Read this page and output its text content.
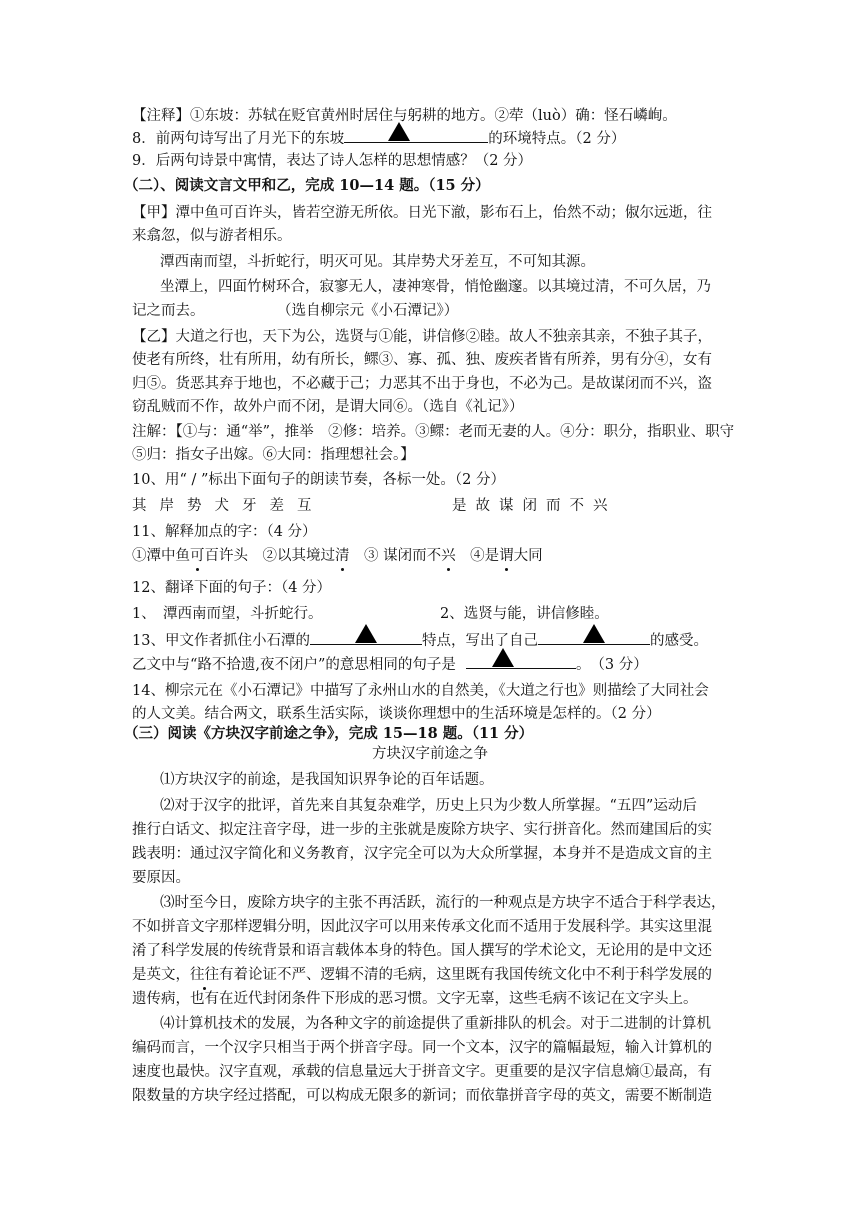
【注释】①东坡：苏轼在贬官黄州时居住与躬耕的地方。②荦（luò）确：怪石嶙峋。
8．前两句诗写出了月光下的东坡	的环境特点。（2 分）
9．后两句诗景中寓情，表达了诗人怎样的思想情感？（2 分）
（二）、阅读文言文甲和乙，完成 10—14 题。（15 分）
【甲】潭中鱼可百许头，皆若空游无所依。日光下澈，影布石上，佁然不动；俶尔远逝，往
来翕忽，似与游者相乐。
潭西南而望，斗折蛇行，明灭可见。其岸势犬牙差互，不可知其源。
坐潭上，四面竹树环合，寂寥无人，凄神寒骨，悄怆幽邃。以其境过清，不可久居，乃
记之而去。　　　　　　（选自柳宗元《小石潭记》）
【乙】大道之行也，天下为公，选贤与①能，讲信修②睦。故人不独亲其亲，不独子其子，
使老有所终，壮有所用，幼有所长，鳏③、寡、孤、独、废疾者皆有所养，男有分④，女有
归⑤。货恶其弃于地也，不必藏于己；力恶其不出于身也，不必为己。是故谋闭而不兴，盗
窃乱贼而不作，故外户而不闭，是谓大同⑥。（选自《礼记》）
注解：【①与：通“举”，推举　②修：培养。③鳏：老而无妻的人。④分：职分，指职业、职守
⑤归：指女子出嫁。⑥大同：指理想社会。】
10、用“ / ”标出下面句子的朗读节奏，各标一处。（2 分）
其岸势犬牙差互	是故谋闭而不兴
11、解释加点的字：（4 分）
①潭中鱼可百许头　②以其境过清　③ 谋闭而不兴　④是谓大同
12、翻译下面的句子：（4 分）
1、　潭西南而望，斗折蛇行。	2、选贤与能，讲信修睦。
13、甲文作者抓住小石潭的	特点，写出了自己	的感受。
乙文中与“路不拾遗,夜不闭户”的意思相同的句子是	。　（3 分）
14、柳宗元在《小石潭记》中描写了永州山水的自然美，《大道之行也》则描绘了大同社会
的人文美。结合两文，联系生活实际，谈谈你理想中的生活环境是怎样的。（2 分）
（三）阅读《方块汉字前途之争》，完成 15—18 题。（11 分）
方块汉字前途之争
⑴方块汉字的前途，是我国知识界争论的百年话题。
⑵对于汉字的批评，首先来自其复杂难学，历史上只为少数人所掌握。“五四”运动后
推行白话文、拟定注音字母，进一步的主张就是废除方块字、实行拼音化。然而建国后的实
践表明：通过汉字简化和义务教育，汉字完全可以为大众所掌握，本身并不是造成文盲的主
要原因。
⑶时至今日，废除方块字的主张不再活跃，流行的一种观点是方块字不适合于科学表达，
不如拼音文字那样逻辑分明，因此汉字可以用来传承文化而不适用于发展科学。其实这里混
淆了科学发展的传统背景和语言载体本身的特色。国人撰写的学术论文，无论用的是中文还
是英文，往往有着论证不严、逻辑不清的毛病，这里既有我国传统文化中不利于科学发展的
遗传病，也有在近代封闭条件下形成的恶习惯。文字无辜，这些毛病不该记在文字头上。
⑷计算机技术的发展，为各种文字的前途提供了重新排队的机会。对于二进制的计算机
编码而言，一个汉字只相当于两个拼音字母。同一个文本，汉字的篇幅最短，输入计算机的
速度也最快。汉字直观，承载的信息量远大于拼音文字。更重要的是汉字信息熵①最高，有
限数量的方块字经过搭配，可以构成无限多的新词；而依靠拼音字母的英文，需要不断制造
